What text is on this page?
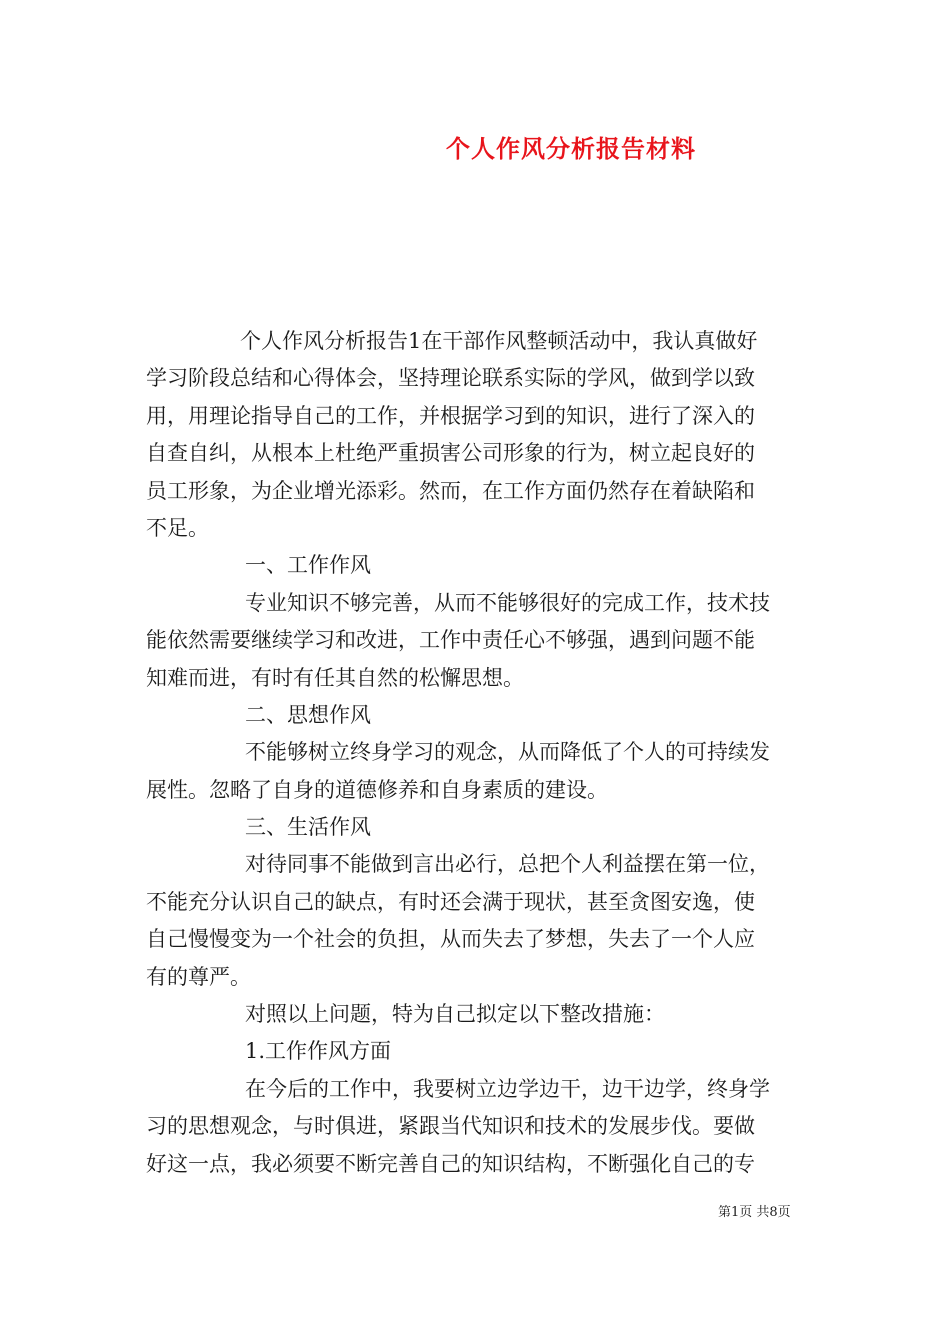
个人作风分析报告材料
个人作风分析报告1在干部作风整顿活动中，我认真做好
学习阶段总结和心得体会，坚持理论联系实际的学风，做到学以致
用，用理论指导自己的工作，并根据学习到的知识，进行了深入的
自查自纠，从根本上杜绝严重损害公司形象的行为，树立起良好的
员工形象，为企业增光添彩。然而，在工作方面仍然存在着缺陷和
不足。
一、工作作风
专业知识不够完善，从而不能够很好的完成工作，技术技
能依然需要继续学习和改进，工作中责任心不够强，遇到问题不能
知难而进，有时有任其自然的松懈思想。
二、思想作风
不能够树立终身学习的观念，从而降低了个人的可持续发
展性。忽略了自身的道德修养和自身素质的建设。
三、生活作风
对待同事不能做到言出必行，总把个人利益摆在第一位，
不能充分认识自己的缺点，有时还会满于现状，甚至贪图安逸，使
自己慢慢变为一个社会的负担，从而失去了梦想，失去了一个人应
有的尊严。
对照以上问题，特为自己拟定以下整改措施：
1.工作作风方面
在今后的工作中，我要树立边学边干，边干边学，终身学
习的思想观念，与时俱进，紧跟当代知识和技术的发展步伐。要做
好这一点，我必须要不断完善自己的知识结构，不断强化自己的专
第1页 共8页
